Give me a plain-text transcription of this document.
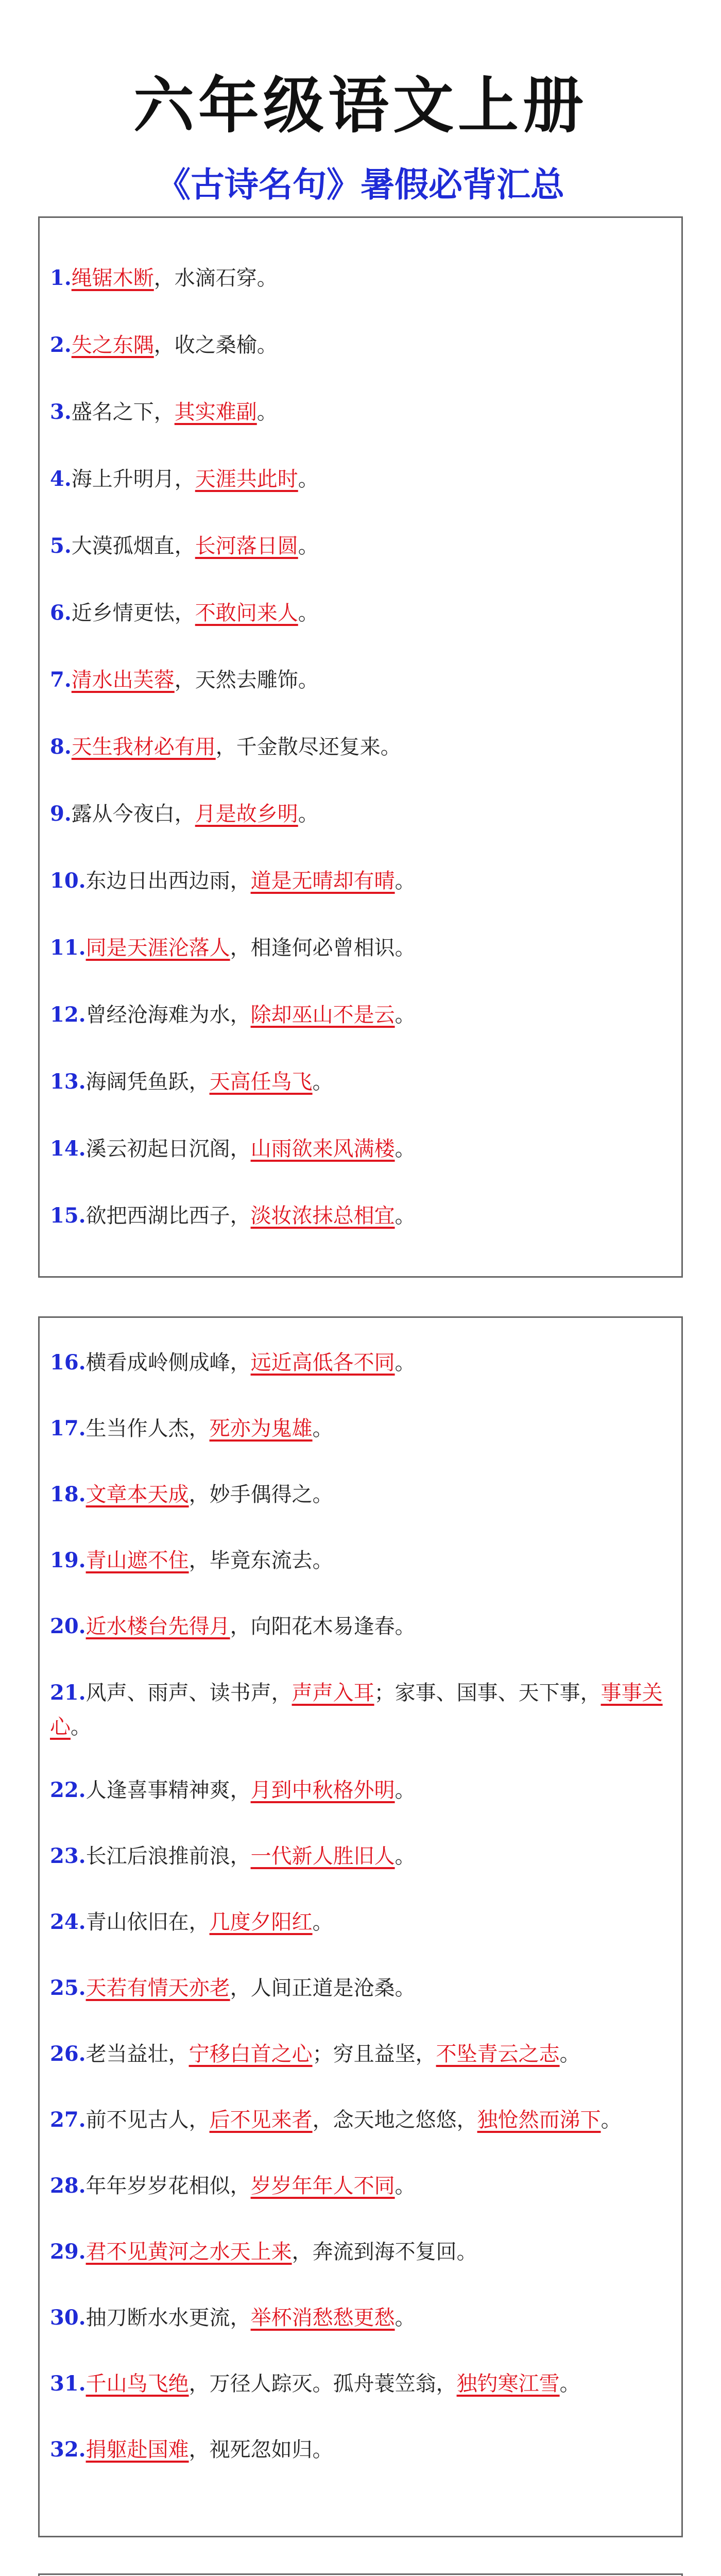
六年级语文上册
《古诗名句》暑假必背汇总
1.绳锯木断，水滴石穿。
2.失之东隅，收之桑榆。
3.盛名之下，其实难副。
4.海上升明月，天涯共此时。
5.大漠孤烟直，长河落日圆。
6.近乡情更怯，不敢问来人。
7.清水出芙蓉，天然去雕饰。
8.天生我材必有用，千金散尽还复来。
9.露从今夜白，月是故乡明。
10.东边日出西边雨，道是无晴却有晴。
11.同是天涯沦落人，相逢何必曾相识。
12.曾经沧海难为水，除却巫山不是云。
13.海阔凭鱼跃，天高任鸟飞。
14.溪云初起日沉阁，山雨欲来风满楼。
15.欲把西湖比西子，淡妆浓抹总相宜。
16.横看成岭侧成峰，远近高低各不同。
17.生当作人杰，死亦为鬼雄。
18.文章本天成，妙手偶得之。
19.青山遮不住，毕竟东流去。
20.近水楼台先得月，向阳花木易逢春。
21.风声、雨声、读书声，声声入耳；家事、国事、天下事，事事关心。
22.人逢喜事精神爽，月到中秋格外明。
23.长江后浪推前浪，一代新人胜旧人。
24.青山依旧在，几度夕阳红。
25.天若有情天亦老，人间正道是沧桑。
26.老当益壮，宁移白首之心；穷且益坚，不坠青云之志。
27.前不见古人，后不见来者，念天地之悠悠，独怆然而涕下。
28.年年岁岁花相似，岁岁年年人不同。
29.君不见黄河之水天上来，奔流到海不复回。
30.抽刀断水水更流，举杯消愁愁更愁。
31.千山鸟飞绝，万径人踪灭。孤舟蓑笠翁，独钓寒江雪。
32.捐躯赴国难，视死忽如归。
